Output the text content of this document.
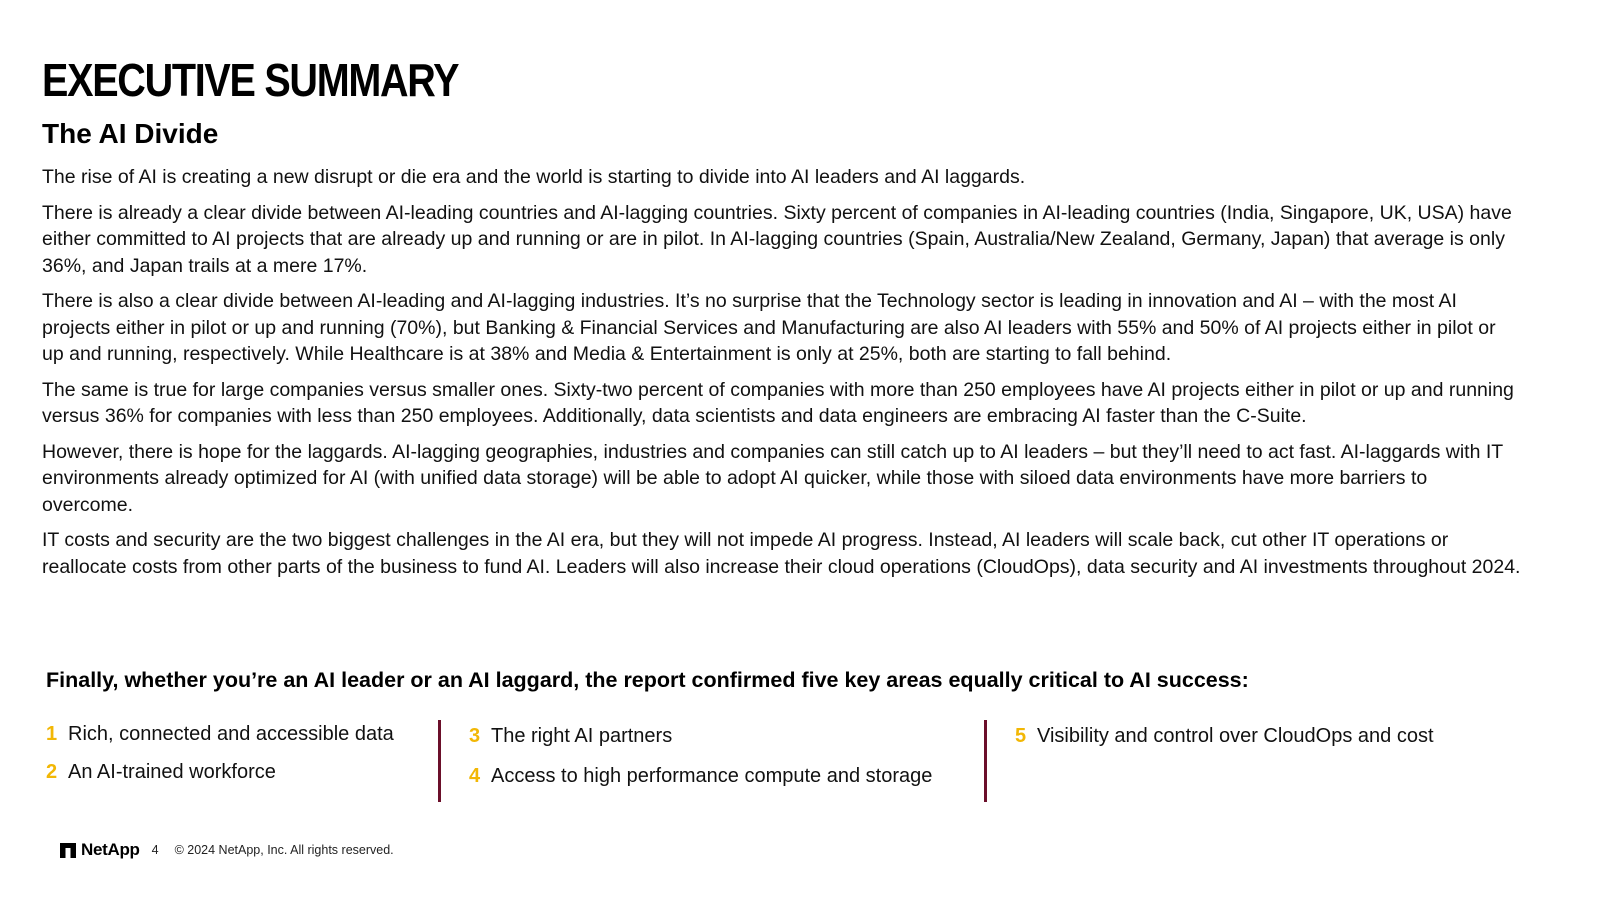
EXECUTIVE SUMMARY
The AI Divide

The rise of AI is creating a new disrupt or die era and the world is starting to divide into AI leaders and AI laggards.

There is already a clear divide between AI-leading countries and AI-lagging countries. Sixty percent of companies in AI-leading countries (India, Singapore, UK, USA) have either committed to AI projects that are already up and running or are in pilot. In AI-lagging countries (Spain, Australia/New Zealand, Germany, Japan) that average is only 36%, and Japan trails at a mere 17%.

There is also a clear divide between AI-leading and AI-lagging industries. It’s no surprise that the Technology sector is leading in innovation and AI – with the most AI projects either in pilot or up and running (70%), but Banking & Financial Services and Manufacturing are also AI leaders with 55% and 50% of AI projects either in pilot or up and running, respectively. While Healthcare is at 38% and Media & Entertainment is only at 25%, both are starting to fall behind.

The same is true for large companies versus smaller ones. Sixty-two percent of companies with more than 250 employees have AI projects either in pilot or up and running versus 36% for companies with less than 250 employees. Additionally, data scientists and data engineers are embracing AI faster than the C-Suite.

However, there is hope for the laggards. AI-lagging geographies, industries and companies can still catch up to AI leaders – but they’ll need to act fast. AI-laggards with IT environments already optimized for AI (with unified data storage) will be able to adopt AI quicker, while those with siloed data environments have more barriers to overcome.

IT costs and security are the two biggest challenges in the AI era, but they will not impede AI progress. Instead, AI leaders will scale back, cut other IT operations or reallocate costs from other parts of the business to fund AI. Leaders will also increase their cloud operations (CloudOps), data security and AI investments throughout 2024.

Finally, whether you’re an AI leader or an AI laggard, the report confirmed five key areas equally critical to AI success:

1 Rich, connected and accessible data
2 An AI-trained workforce
3 The right AI partners
4 Access to high performance compute and storage
5 Visibility and control over CloudOps and cost
NetApp 4 © 2024 NetApp, Inc. All rights reserved.
